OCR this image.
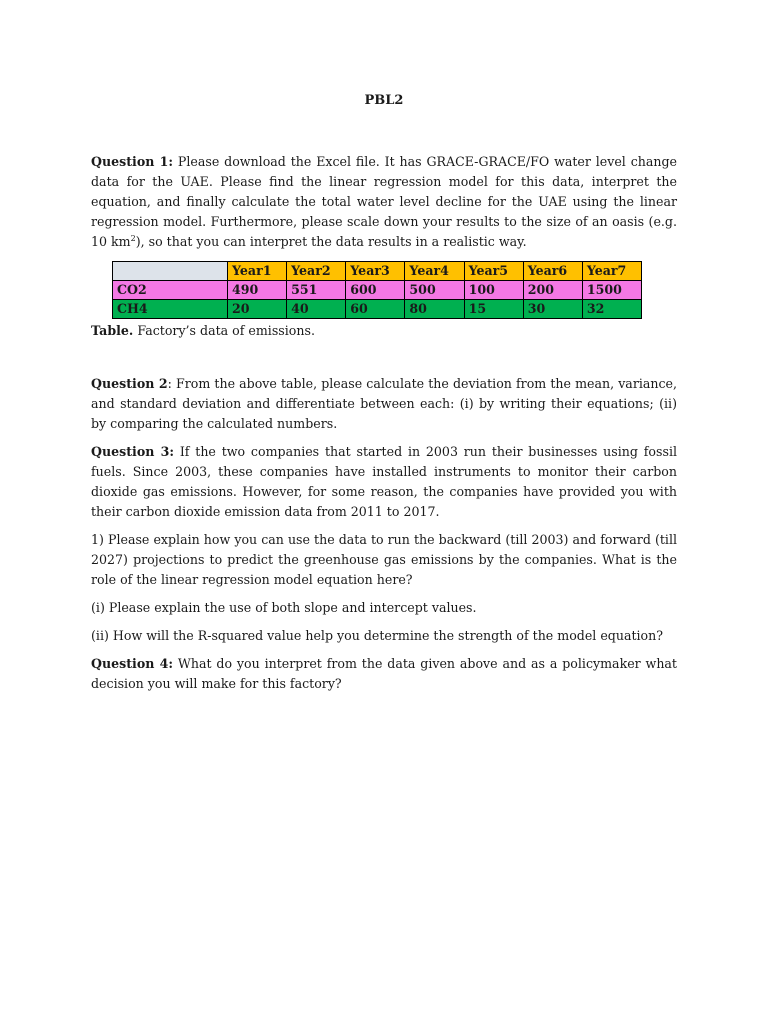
PBL2

Question 1: Please download the Excel file. It has GRACE-GRACE/FO water level change data for the UAE. Please find the linear regression model for this data, interpret the equation, and finally calculate the total water level decline for the UAE using the linear regression model. Furthermore, please scale down your results to the size of an oasis (e.g. 10 $km^2$), so that you can interpret the data results in a realistic way.

	Year1	Year2	Year3	Year4	Year5	Year6	Year7
CO2	490	551	600	500	100	200	1500
CH4	20	40	60	80	15	30	32

Table. Factory’s data of emissions.

Question 2: From the above table, please calculate the deviation from the mean, variance, and standard deviation and differentiate between each: (i) by writing their equations; (ii) by comparing the calculated numbers.

Question 3: If the two companies that started in 2003 run their businesses using fossil fuels. Since 2003, these companies have installed instruments to monitor their carbon dioxide gas emissions. However, for some reason, the companies have provided you with their carbon dioxide emission data from 2011 to 2017.

1) Please explain how you can use the data to run the backward (till 2003) and forward (till 2027) projections to predict the greenhouse gas emissions by the companies. What is the role of the linear regression model equation here?

(i) Please explain the use of both slope and intercept values.

(ii) How will the R-squared value help you determine the strength of the model equation?

Question 4: What do you interpret from the data given above and as a policymaker what decision you will make for this factory?
